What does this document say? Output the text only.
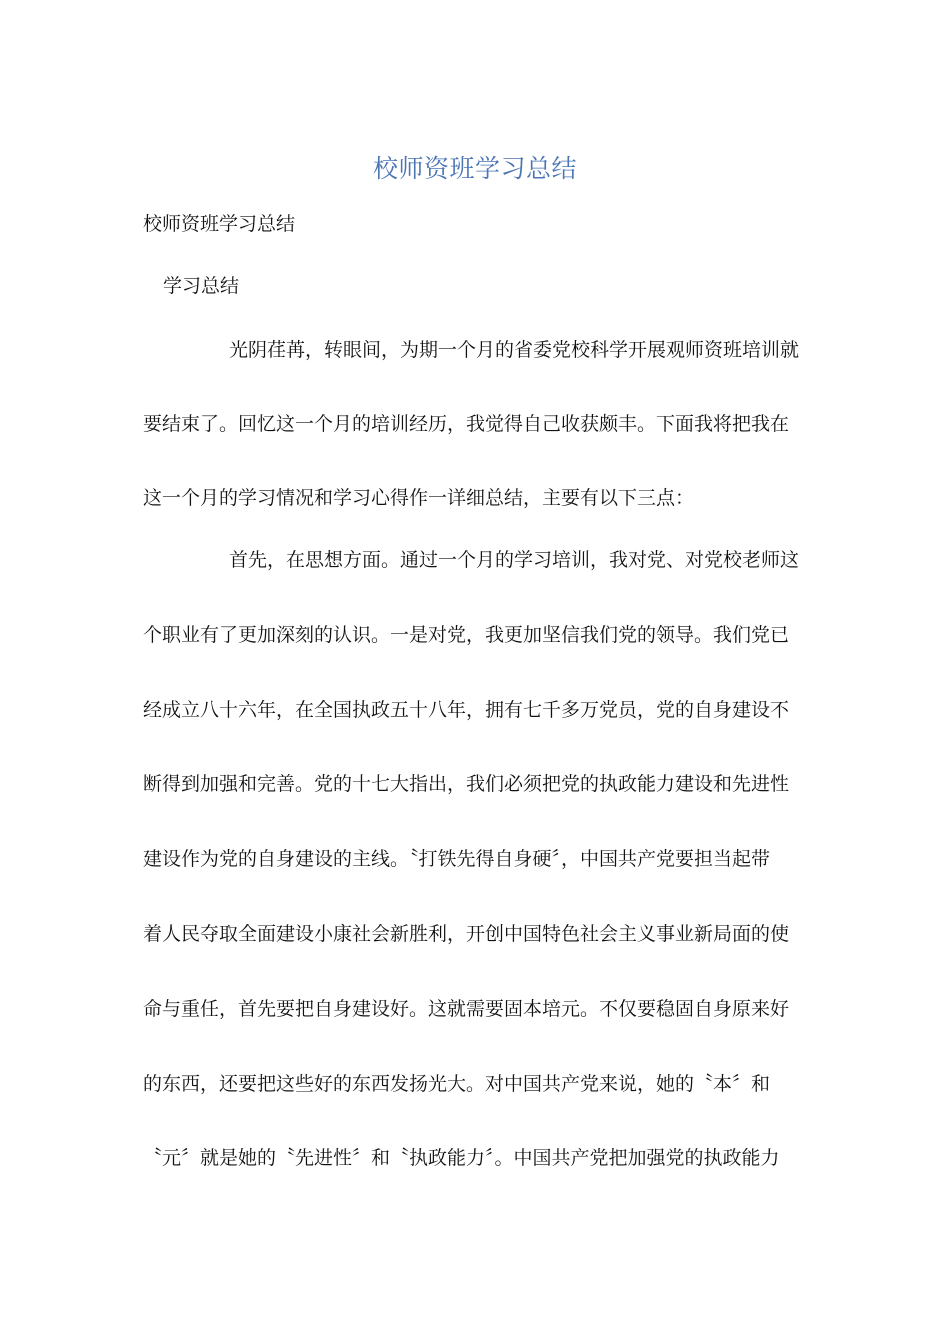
校师资班学习总结
校师资班学习总结
学习总结
光阴荏苒，转眼间，为期一个月的省委党校科学开展观师资班培训就
要结束了。回忆这一个月的培训经历，我觉得自己收获颇丰。下面我将把我在
这一个月的学习情况和学习心得作一详细总结，主要有以下三点：
首先，在思想方面。通过一个月的学习培训，我对党、对党校老师这
个职业有了更加深刻的认识。一是对党，我更加坚信我们党的领导。我们党已
经成立八十六年，在全国执政五十八年，拥有七千多万党员，党的自身建设不
断得到加强和完善。党的十七大指出，我们必须把党的执政能力建设和先进性
建设作为党的自身建设的主线。〝打铁先得自身硬〞，中国共产党要担当起带
着人民夺取全面建设小康社会新胜利，开创中国特色社会主义事业新局面的使
命与重任，首先要把自身建设好。这就需要固本培元。不仅要稳固自身原来好
的东西，还要把这些好的东西发扬光大。对中国共产党来说，她的〝本〞和
〝元〞就是她的〝先进性〞和〝执政能力〞。中国共产党把加强党的执政能力
